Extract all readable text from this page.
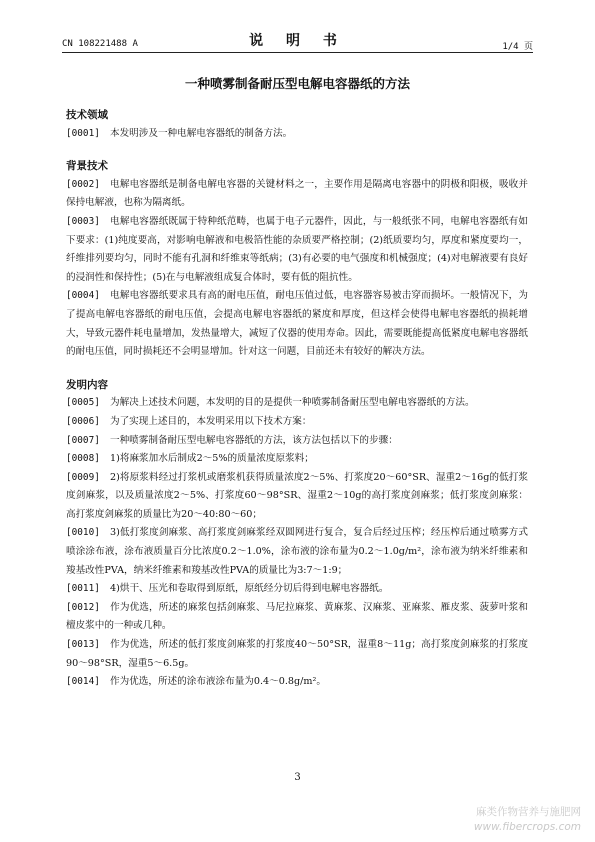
CN 108221488 A	说 明 书	1/4 页
一种喷雾制备耐压型电解电容器纸的方法
技术领域
[0001] 本发明涉及一种电解电容器纸的制备方法。
背景技术
[0002] 电解电容器纸是制备电解电容器的关键材料之一，主要作用是隔离电容器中的阴极和阳极，吸收并保持电解液，也称为隔离纸。
[0003] 电解电容器纸既属于特种纸范畴，也属于电子元器件，因此，与一般纸张不同，电解电容器纸有如下要求：(1)纯度要高，对影响电解液和电极箔性能的杂质要严格控制；(2)纸质要均匀，厚度和紧度要均一，纤维排列要均匀，同时不能有孔洞和纤维束等纸病；(3)有必要的电气强度和机械强度；(4)对电解液要有良好的浸润性和保持性；(5)在与电解液组成复合体时，要有低的阻抗性。
[0004] 电解电容器纸要求具有高的耐电压值，耐电压值过低，电容器容易被击穿而损坏。一般情况下，为了提高电解电容器纸的耐电压值，会提高电解电容器纸的紧度和厚度，但这样会使得电解电容器纸的损耗增大，导致元器件耗电量增加，发热量增大，减短了仪器的使用寿命。因此，需要既能提高低紧度电解电容器纸的耐电压值，同时损耗还不会明显增加。针对这一问题，目前还未有较好的解决方法。
发明内容
[0005] 为解决上述技术问题，本发明的目的是提供一种喷雾制备耐压型电解电容器纸的方法。
[0006] 为了实现上述目的，本发明采用以下技术方案：
[0007] 一种喷雾制备耐压型电解电容器纸的方法，该方法包括以下的步骤：
[0008] 1)将麻浆加水后制成2～5%的质量浓度原浆料；
[0009] 2)将原浆料经过打浆机或磨浆机获得质量浓度2～5%、打浆度20～60°SR、湿重2～16g的低打浆度剑麻浆，以及质量浓度2～5%、打浆度60～98°SR、湿重2～10g的高打浆度剑麻浆；低打浆度剑麻浆：高打浆度剑麻浆的质量比为20～40:80～60；
[0010] 3)低打浆度剑麻浆、高打浆度剑麻浆经双圆网进行复合，复合后经过压榨；经压榨后通过喷雾方式喷涂涂布液，涂布液质量百分比浓度0.2～1.0%，涂布液的涂布量为0.2～1.0g/m²，涂布液为纳米纤维素和羧基改性PVA，纳米纤维素和羧基改性PVA的质量比为3:7～1:9；
[0011] 4)烘干、压光和卷取得到原纸，原纸经分切后得到电解电容器纸。
[0012] 作为优选，所述的麻浆包括剑麻浆、马尼拉麻浆、黄麻浆、汉麻浆、亚麻浆、雁皮浆、菠萝叶浆和檀皮浆中的一种或几种。
[0013] 作为优选，所述的低打浆度剑麻浆的打浆度40～50°SR，湿重8～11g；高打浆度剑麻浆的打浆度90～98°SR，湿重5～6.5g。
[0014] 作为优选，所述的涂布液涂布量为0.4～0.8g/m²。
3
麻类作物营养与施肥网
www.fibercrops.com
